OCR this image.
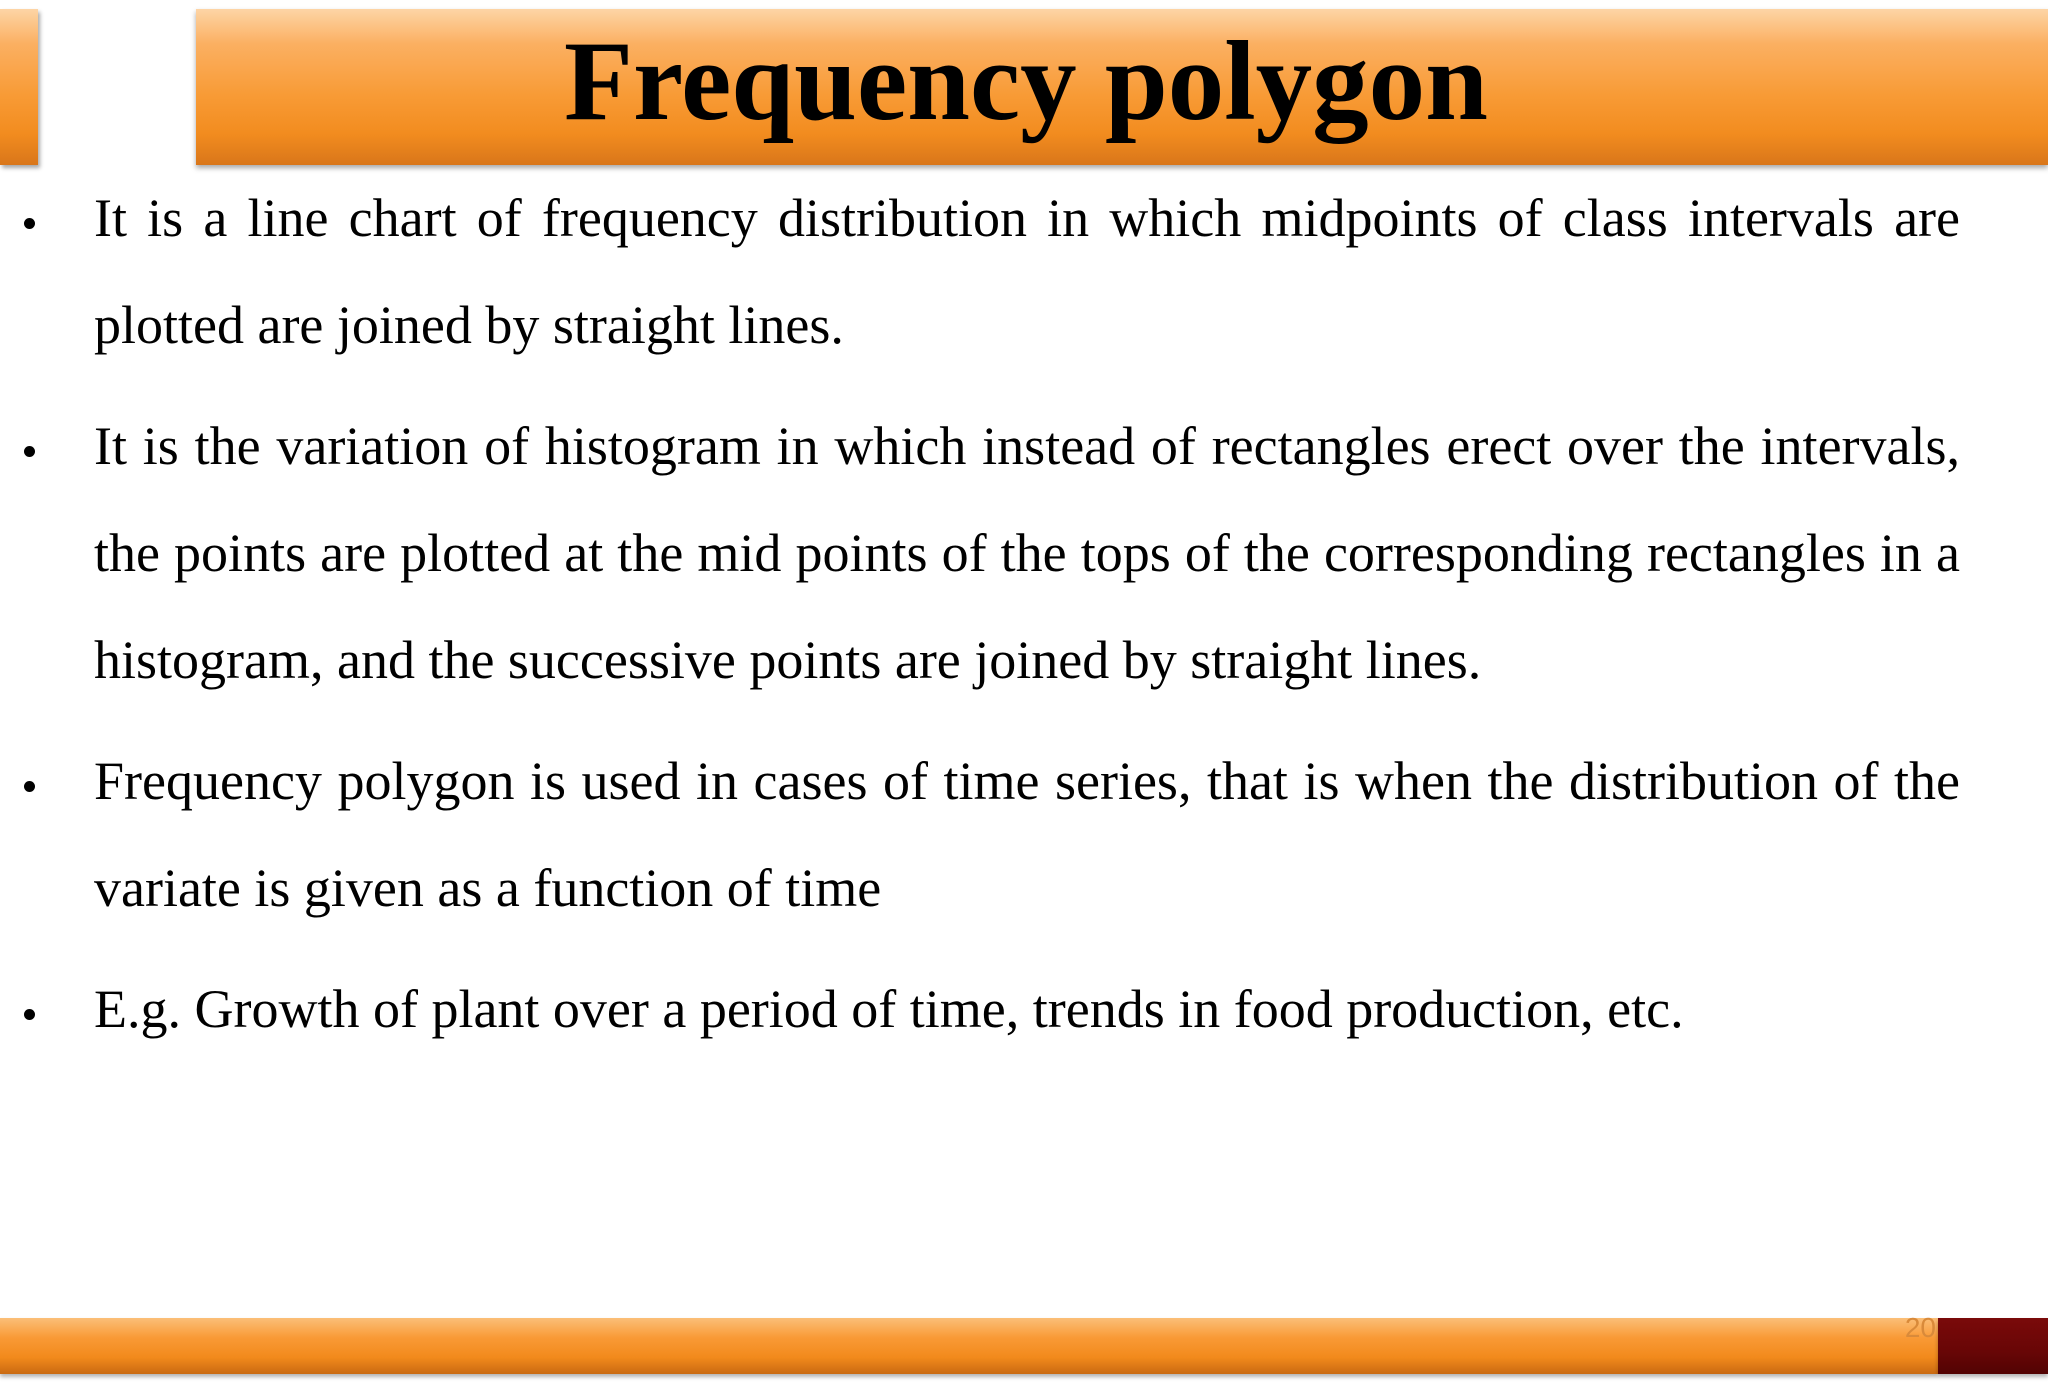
Frequency polygon
It is a line chart of frequency distribution in which midpoints of class intervals are plotted are joined by straight lines.
It is the variation of histogram in which instead of rectangles erect over the intervals, the points are plotted at the mid points of the tops of the corresponding rectangles in a histogram, and the successive points are joined by straight lines.
Frequency polygon is used in cases of time series, that is when the distribution of the variate is given as a function of time
E.g. Growth of plant over a period of time, trends in food production, etc.
20
